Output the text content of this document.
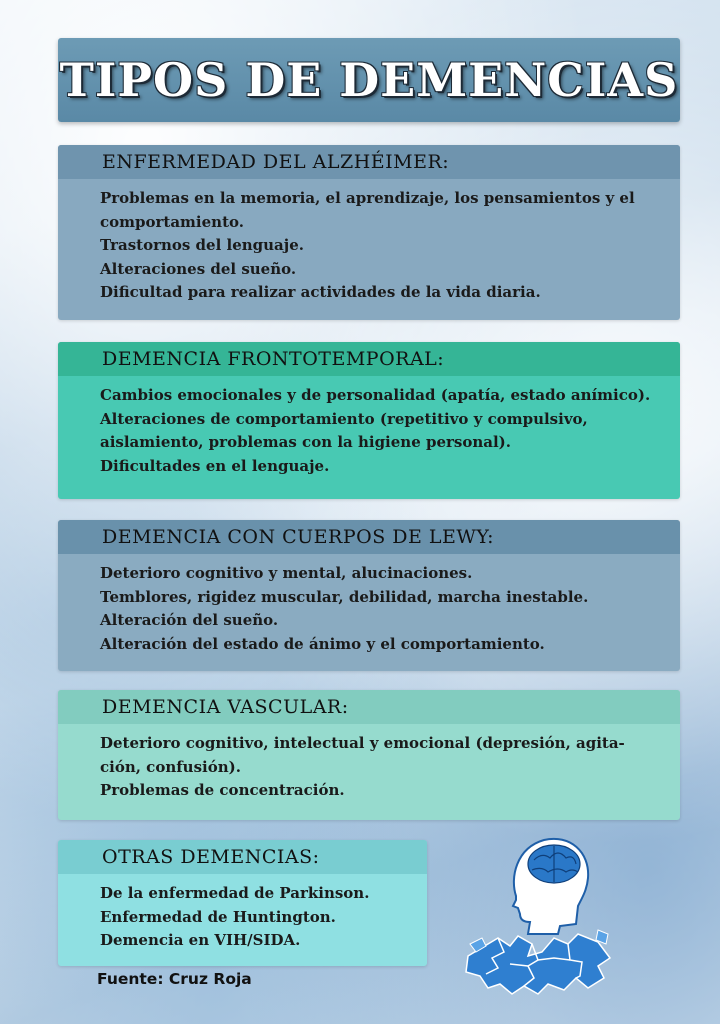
TIPOS DE DEMENCIAS
ENFERMEDAD DEL ALZHÉIMER:
Problemas en la memoria, el aprendizaje, los pensamientos y el
comportamiento.
Trastornos del lenguaje.
Alteraciones del sueño.
Dificultad para realizar actividades de la vida diaria.
DEMENCIA FRONTOTEMPORAL:
Cambios emocionales y de personalidad (apatía, estado anímico).
Alteraciones de comportamiento (repetitivo y compulsivo,
aislamiento, problemas con la higiene personal).
Dificultades en el lenguaje.
DEMENCIA CON CUERPOS DE LEWY:
Deterioro cognitivo y mental, alucinaciones.
Temblores, rigidez muscular, debilidad, marcha inestable.
Alteración del sueño.
Alteración del estado de ánimo y el comportamiento.
DEMENCIA VASCULAR:
Deterioro cognitivo, intelectual y emocional (depresión, agita-
ción, confusión).
Problemas de concentración.
OTRAS DEMENCIAS:
De la enfermedad de Parkinson.
Enfermedad de Huntington.
Demencia en VIH/SIDA.
Fuente: Cruz Roja
